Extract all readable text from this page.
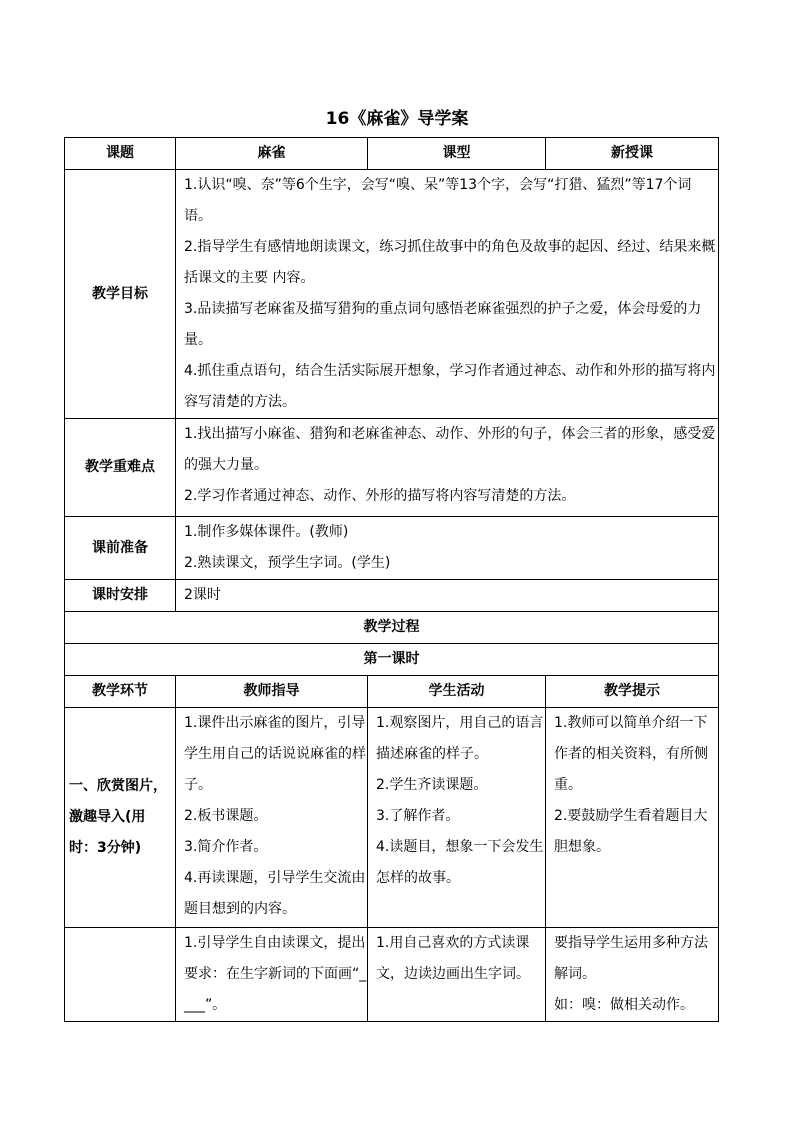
16《麻雀》导学案
课题	麻雀	课型	新授课
教学目标	1.认识“嗅、奈”等6个生字，会写“嗅、呆”等13个字，会写“打猎、猛烈”等17个词语。
2.指导学生有感情地朗读课文，练习抓住故事中的角色及故事的起因、经过、结果来概括课文的主要 内容。
3.品读描写老麻雀及描写猎狗的重点词句感悟老麻雀强烈的护子之爱，体会母爱的力量。
4.抓住重点语句，结合生活实际展开想象，学习作者通过神态、动作和外形的描写将内容写清楚的方法。		

教学重难点	1.找出描写小麻雀、猎狗和老麻雀神态、动作、外形的句子，体会三者的形象，感受爱的强大力量。
2.学习作者通过神态、动作、外形的描写将内容写清楚的方法。		

课前准备	1.制作多媒体课件。(教师)
2.熟读课文，预学生字词。(学生)		

课时安排	2课时		
教学过程			
第一课时			
教学环节	教师指导	学生活动	教学提示
一、欣赏图片，激趣导入(用时：3分钟)	1.课件出示麻雀的图片，引导学生用自己的话说说麻雀的样子。
2.板书课题。
3.简介作者。
4.再读课题，引导学生交流由题目想到的内容。	1.观察图片，用自己的语言描述麻雀的样子。
2.学生齐读课题。
3.了解作者。
4.读题目，想象一下会发生怎样的故事。	1.教师可以简单介绍一下作者的相关资料，有所侧重。
2.要鼓励学生看着题目大胆想象。

	1.引导学生自由读课文，提出要求：在生字新词的下面画“____”。	1.用自己喜欢的方式读课文，边读边画出生字词。	要指导学生运用多种方法解词。
如：嗅：做相关动作。
